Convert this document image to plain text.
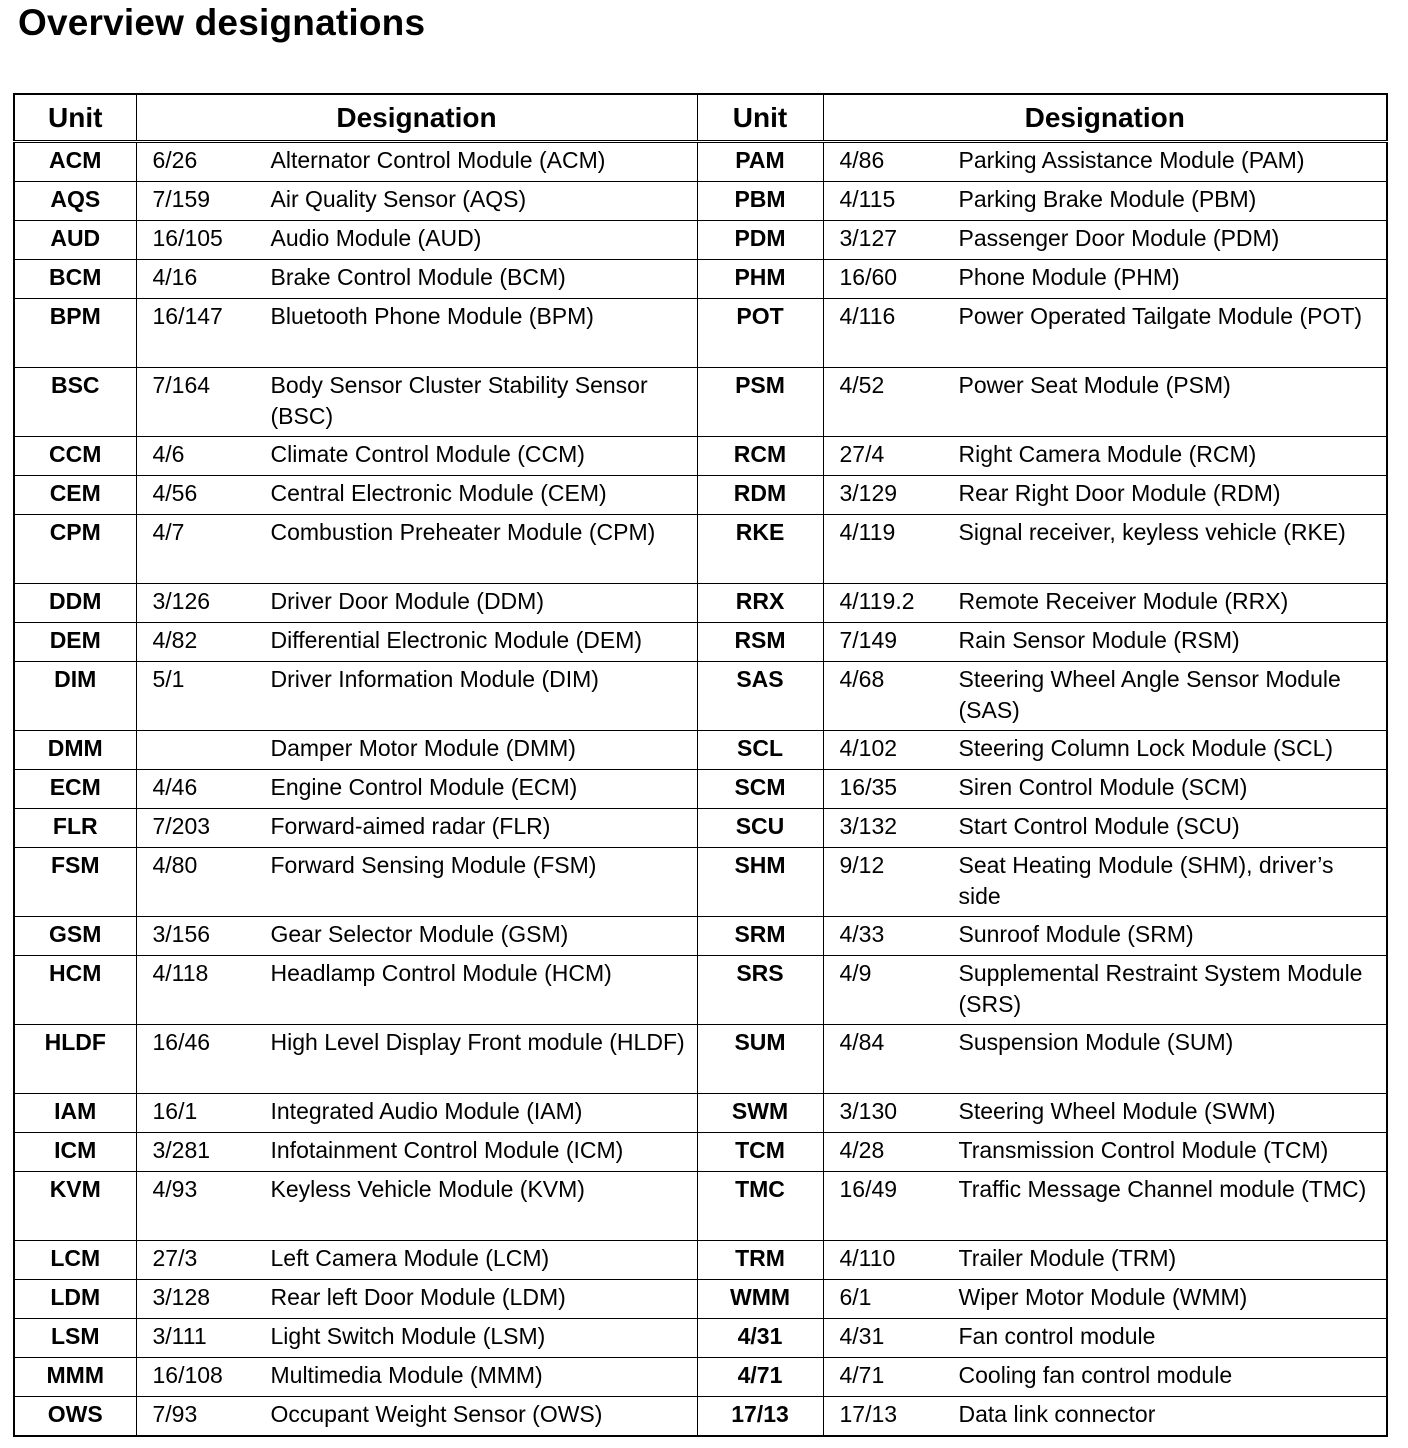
Overview designations
Unit	Designation	Unit	Designation
ACM	6/26 Alternator Control Module (ACM)	PAM	4/86 Parking Assistance Module (PAM)
AQS	7/159 Air Quality Sensor (AQS)	PBM	4/115 Parking Brake Module (PBM)
AUD	16/105 Audio Module (AUD)	PDM	3/127 Passenger Door Module (PDM)
BCM	4/16 Brake Control Module (BCM)	PHM	16/60 Phone Module (PHM)
BPM	16/147 Bluetooth Phone Module (BPM)	POT	4/116 Power Operated Tailgate Module (POT)
BSC	7/164 Body Sensor Cluster Stability Sensor (BSC)	PSM	4/52 Power Seat Module (PSM)
CCM	4/6 Climate Control Module (CCM)	RCM	27/4 Right Camera Module (RCM)
CEM	4/56 Central Electronic Module (CEM)	RDM	3/129 Rear Right Door Module (RDM)
CPM	4/7 Combustion Preheater Module (CPM)	RKE	4/119 Signal receiver, keyless vehicle (RKE)
DDM	3/126 Driver Door Module (DDM)	RRX	4/119.2 Remote Receiver Module (RRX)
DEM	4/82 Differential Electronic Module (DEM)	RSM	7/149 Rain Sensor Module (RSM)
DIM	5/1 Driver Information Module (DIM)	SAS	4/68 Steering Wheel Angle Sensor Module (SAS)
DMM	Damper Motor Module (DMM)	SCL	4/102 Steering Column Lock Module (SCL)
ECM	4/46 Engine Control Module (ECM)	SCM	16/35 Siren Control Module (SCM)
FLR	7/203 Forward-aimed radar (FLR)	SCU	3/132 Start Control Module (SCU)
FSM	4/80 Forward Sensing Module (FSM)	SHM	9/12 Seat Heating Module (SHM), driver’s side
GSM	3/156 Gear Selector Module (GSM)	SRM	4/33 Sunroof Module (SRM)
HCM	4/118 Headlamp Control Module (HCM)	SRS	4/9 Supplemental Restraint System Module (SRS)
HLDF	16/46 High Level Display Front module (HLDF)	SUM	4/84 Suspension Module (SUM)
IAM	16/1 Integrated Audio Module (IAM)	SWM	3/130 Steering Wheel Module (SWM)
ICM	3/281 Infotainment Control Module (ICM)	TCM	4/28 Transmission Control Module (TCM)
KVM	4/93 Keyless Vehicle Module (KVM)	TMC	16/49 Traffic Message Channel module (TMC)
LCM	27/3 Left Camera Module (LCM)	TRM	4/110 Trailer Module (TRM)
LDM	3/128 Rear left Door Module (LDM)	WMM	6/1 Wiper Motor Module (WMM)
LSM	3/111 Light Switch Module (LSM)	4/31	4/31 Fan control module
MMM	16/108 Multimedia Module (MMM)	4/71	4/71 Cooling fan control module
OWS	7/93 Occupant Weight Sensor (OWS)	17/13	17/13 Data link connector
